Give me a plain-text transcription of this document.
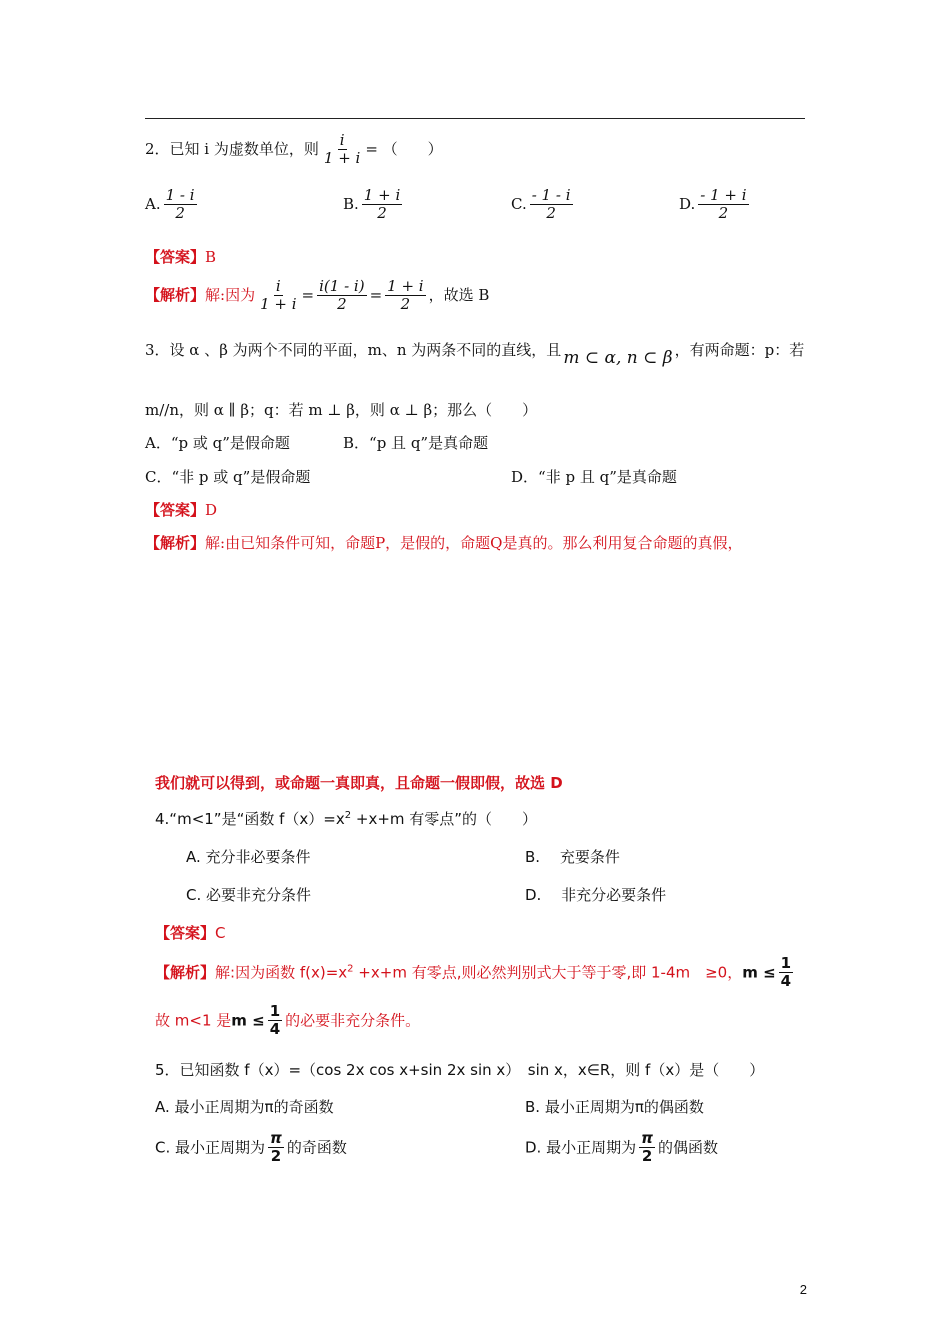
2．已知 i 为虚数单位，则 $\frac{i}{1 + i}$ = （　　）
A. $\frac{1 - i}{2}$	B. $\frac{1 + i}{2}$	C. $\frac{- 1 - i}{2}$	D. $\frac{- 1 + i}{2}$
【答案】B
【解析】解:因为 $\frac{i}{1 + i} = \frac{i(1 - i)}{2} = \frac{1 + i}{2}$ ，故选 B
3．设 α 、β 为两个不同的平面，m、n 为两条不同的直线，且 m ⊂ α, n ⊂ β ，有两命题：p：若
m//n，则 α ∥ β；q：若 m ⊥ β，则 α ⊥ β；那么（　　）
A．“p 或 q”是假命题	B．“p 且 q”是真命题
C．“非 p 或 q”是假命题	D．“非 p 且 q”是真命题
【答案】D
【解析】解:由已知条件可知，命题P，是假的，命题Q是真的。那么利用复合命题的真假，
我们就可以得到，或命题一真即真，且命题一假即假，故选 D
4.“m<1”是“函数 $f(x)=x^2 +x+m$ 有零点”的（　　）
A. 充分非必要条件	B.　 充要条件
C. 必要非充分条件	D.　 非充分必要条件
【答案】C
【解析】解:因为函数 $f(x)=x^2 +x+m$ 有零点,则必然判别式大于等于零,即 1-4m　≥0，$m \le \frac{1}{4}$
故 m<1 是$m \le \frac{1}{4}$ 的必要非充分条件。
5．已知函数 f（x）=（cos 2x cos x+sin 2x sin x）　sin x，x∈R，则 f（x）是（　　）
A. 最小正周期为π的奇函数	B. 最小正周期为π的偶函数
C. 最小正周期为 $\frac{\pi}{2}$ 的奇函数	D. 最小正周期为 $\frac{\pi}{2}$ 的偶函数
2
